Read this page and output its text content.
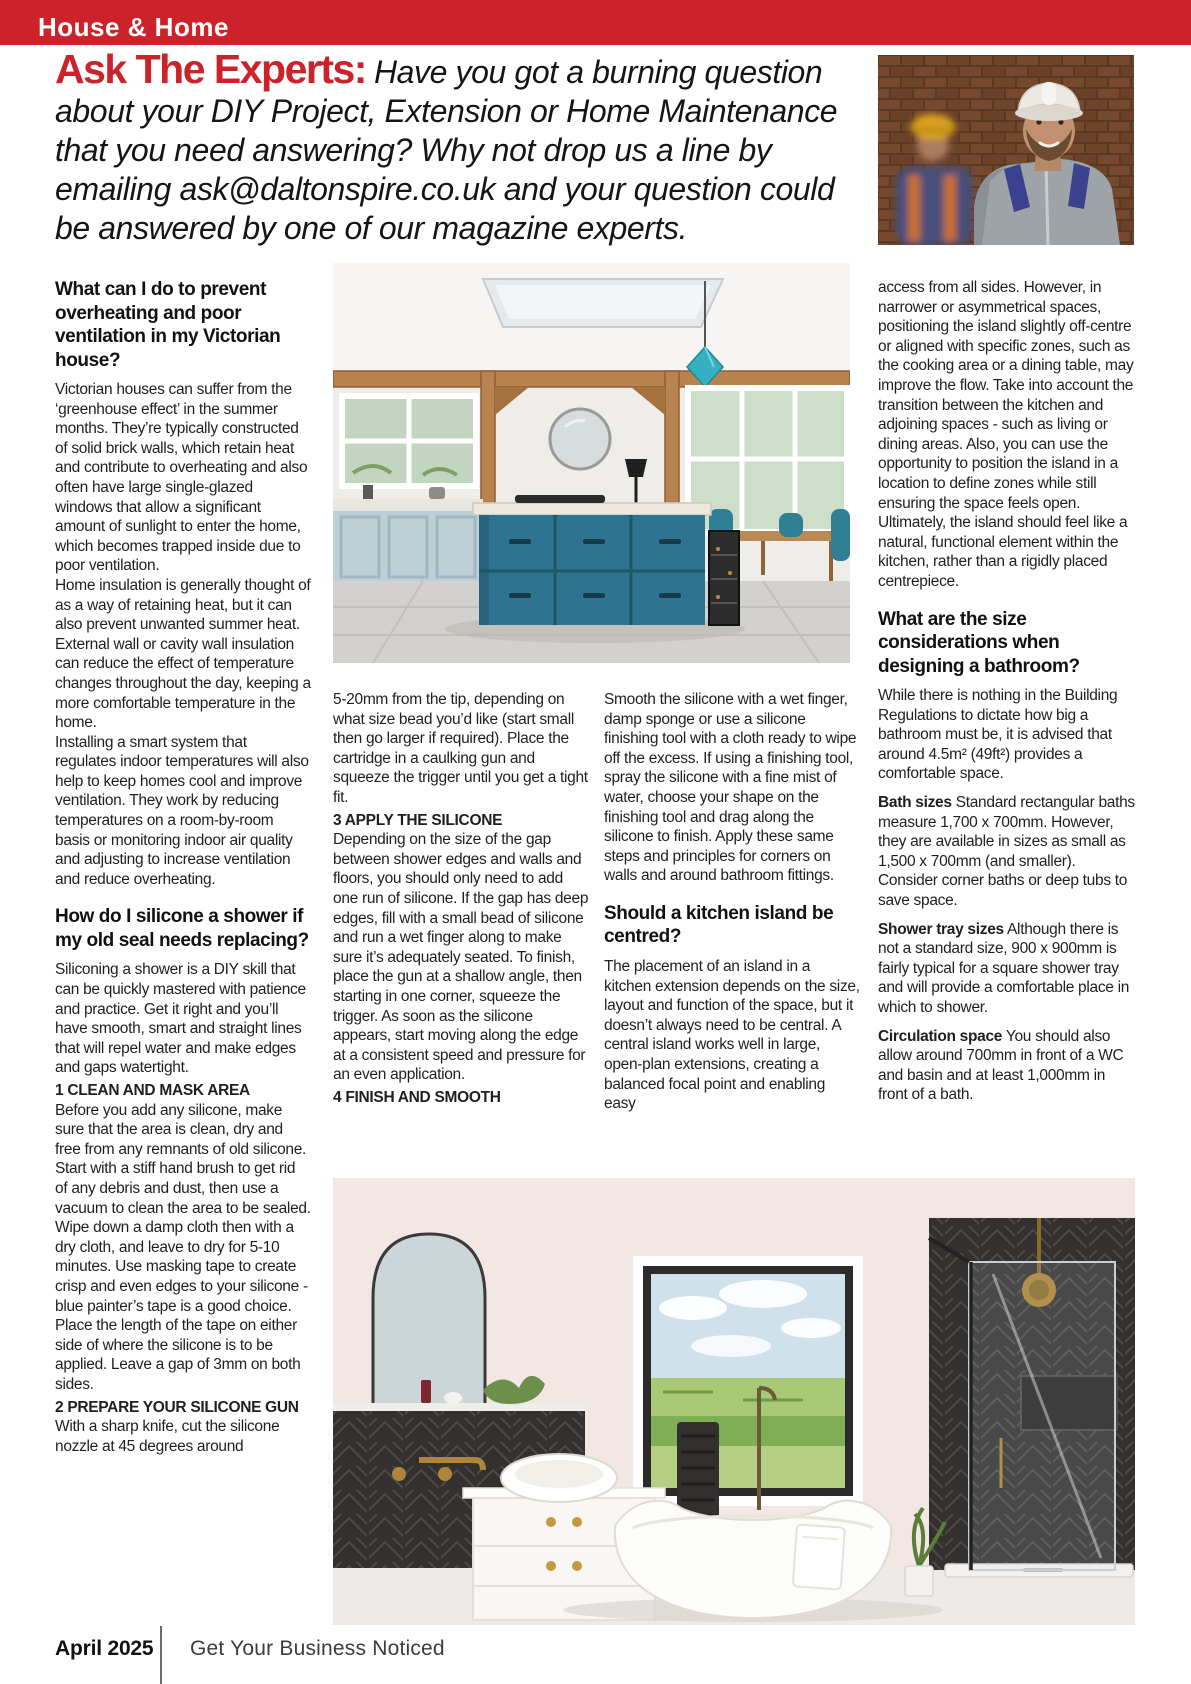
House & Home
Ask The Experts: Have you got a burning question about your DIY Project, Extension or Home Maintenance that you need answering? Why not drop us a line by emailing ask@daltonspire.co.uk and your question could be answered by one of our magazine experts.
What can I do to prevent overheating and poor ventilation in my Victorian house?

Victorian houses can suffer from the ‘greenhouse effect’ in the summer months. They’re typically constructed of solid brick walls, which retain heat and contribute to overheating and also often have large single-glazed windows that allow a significant amount of sunlight to enter the home, which becomes trapped inside due to poor ventilation.

Home insulation is generally thought of as a way of retaining heat, but it can also prevent unwanted summer heat. External wall or cavity wall insulation can reduce the effect of temperature changes throughout the day, keeping a more comfortable temperature in the home.

Installing a smart system that regulates indoor temperatures will also help to keep homes cool and improve ventilation. They work by reducing temperatures on a room-by-room basis or monitoring indoor air quality and adjusting to increase ventilation and reduce overheating.

How do I silicone a shower if my old seal needs replacing?

Siliconing a shower is a DIY skill that can be quickly mastered with patience and practice. Get it right and you’ll have smooth, smart and straight lines that will repel water and make edges and gaps watertight.

1 CLEAN AND MASK AREA

Before you add any silicone, make sure that the area is clean, dry and free from any remnants of old silicone. Start with a stiff hand brush to get rid of any debris and dust, then use a vacuum to clean the area to be sealed. Wipe down a damp cloth then with a dry cloth, and leave to dry for 5-10 minutes. Use masking tape to create crisp and even edges to your silicone - blue painter’s tape is a good choice. Place the length of the tape on either side of where the silicone is to be applied. Leave a gap of 3mm on both sides.

2 PREPARE YOUR SILICONE GUN

With a sharp knife, cut the silicone nozzle at 45 degrees around

5-20mm from the tip, depending on what size bead you’d like (start small then go larger if required). Place the cartridge in a caulking gun and squeeze the trigger until you get a tight fit.

3 APPLY THE SILICONE

Depending on the size of the gap between shower edges and walls and floors, you should only need to add one run of silicone. If the gap has deep edges, fill with a small bead of silicone and run a wet finger along to make sure it’s adequately seated. To finish, place the gun at a shallow angle, then starting in one corner, squeeze the trigger. As soon as the silicone appears, start moving along the edge at a consistent speed and pressure for an even application.

4 FINISH AND SMOOTH

Smooth the silicone with a wet finger, damp sponge or use a silicone finishing tool with a cloth ready to wipe off the excess. If using a finishing tool, spray the silicone with a fine mist of water, choose your shape on the finishing tool and drag along the silicone to finish. Apply these same steps and principles for corners on walls and around bathroom fittings.

Should a kitchen island be centred?

The placement of an island in a kitchen extension depends on the size, layout and function of the space, but it doesn’t always need to be central. A central island works well in large, open-plan extensions, creating a balanced focal point and enabling easy

access from all sides. However, in narrower or asymmetrical spaces, positioning the island slightly off-centre or aligned with specific zones, such as the cooking area or a dining table, may improve the flow. Take into account the transition between the kitchen and adjoining spaces - such as living or dining areas. Also, you can use the opportunity to position the island in a location to define zones while still ensuring the space feels open. Ultimately, the island should feel like a natural, functional element within the kitchen, rather than a rigidly placed centrepiece.

What are the size considerations when designing a bathroom?

While there is nothing in the Building Regulations to dictate how big a bathroom must be, it is advised that around 4.5m² (49ft²) provides a comfortable space.

Bath sizes Standard rectangular baths measure 1,700 x 700mm. However, they are available in sizes as small as 1,500 x 700mm (and smaller). Consider corner baths or deep tubs to save space.

Shower tray sizes Although there is not a standard size, 900 x 900mm is fairly typical for a square shower tray and will provide a comfortable place in which to shower.

Circulation space You should also allow around 700mm in front of a WC and basin and at least 1,000mm in front of a bath.

April 2025 Get Your Business Noticed
